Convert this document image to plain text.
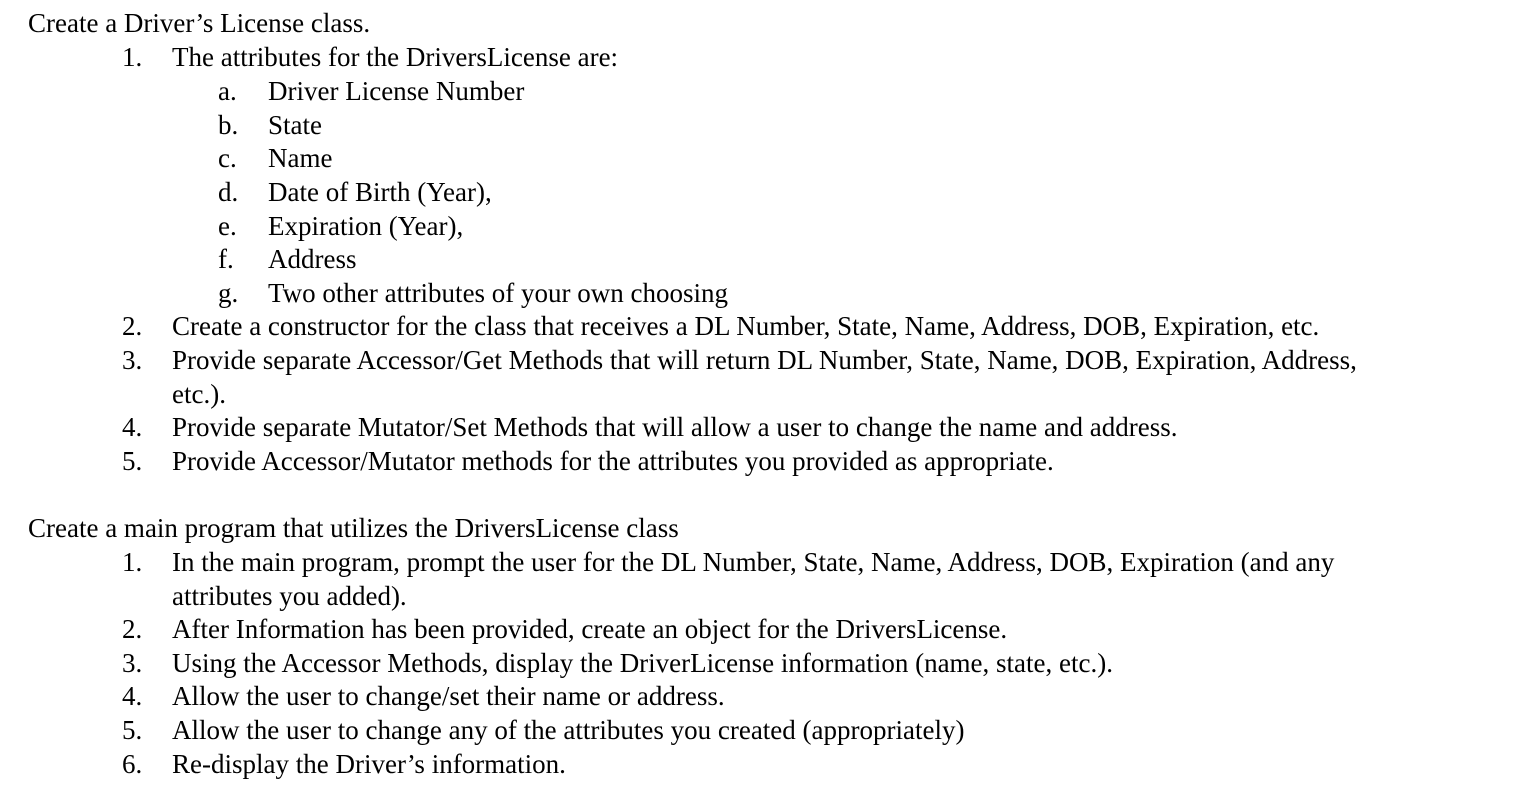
Create a Driver’s License class.
1. The attributes for the DriversLicense are:
a. Driver License Number
b. State
c. Name
d. Date of Birth (Year),
e. Expiration (Year),
f. Address
g. Two other attributes of your own choosing
2. Create a constructor for the class that receives a DL Number, State, Name, Address, DOB, Expiration, etc.
3. Provide separate Accessor/Get Methods that will return DL Number, State, Name, DOB, Expiration, Address,
etc.).
4. Provide separate Mutator/Set Methods that will allow a user to change the name and address.
5. Provide Accessor/Mutator methods for the attributes you provided as appropriate.
Create a main program that utilizes the DriversLicense class
1. In the main program, prompt the user for the DL Number, State, Name, Address, DOB, Expiration (and any
attributes you added).
2. After Information has been provided, create an object for the DriversLicense.
3. Using the Accessor Methods, display the DriverLicense information (name, state, etc.).
4. Allow the user to change/set their name or address.
5. Allow the user to change any of the attributes you created (appropriately)
6. Re-display the Driver’s information.
